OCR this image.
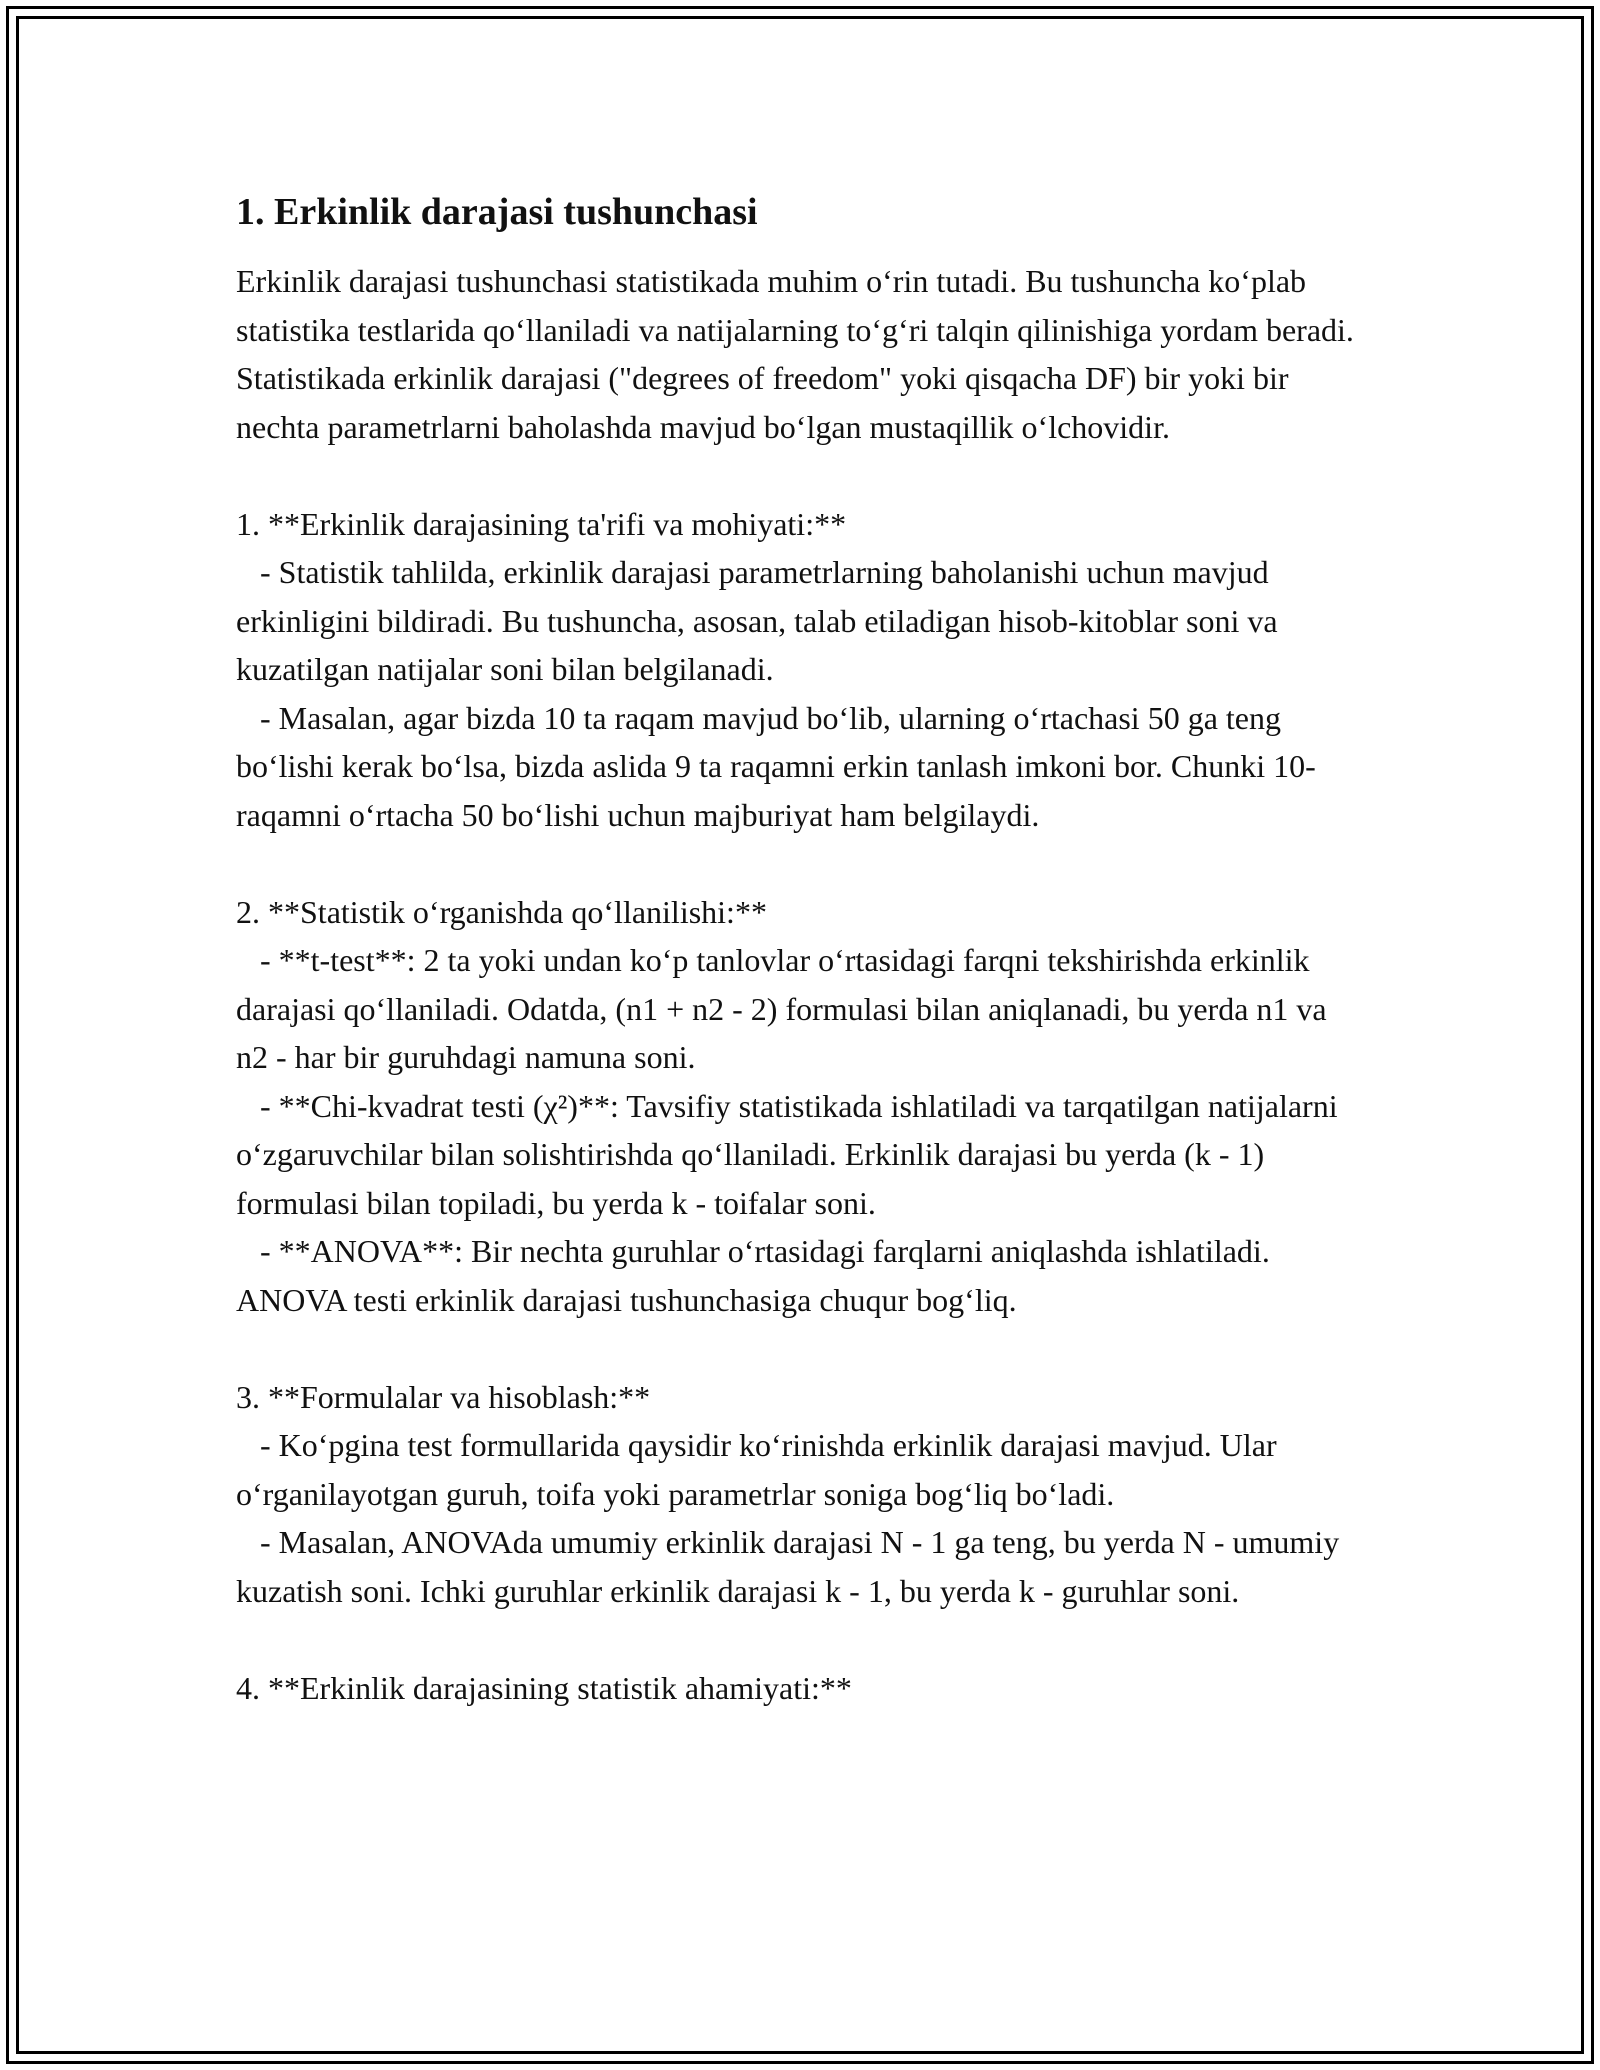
1. Erkinlik darajasi tushunchasi

Erkinlik darajasi tushunchasi statistikada muhim o‘rin tutadi. Bu tushuncha ko‘plab statistika testlarida qo‘llaniladi va natijalarning to‘g‘ri talqin qilinishiga yordam beradi. Statistikada erkinlik darajasi ("degrees of freedom" yoki qisqacha DF) bir yoki bir nechta parametrlarni baholashda mavjud bo‘lgan mustaqillik o‘lchovidir.

1. **Erkinlik darajasining ta'rifi va mohiyati:**

- Statistik tahlilda, erkinlik darajasi parametrlarning baholanishi uchun mavjud erkinligini bildiradi. Bu tushuncha, asosan, talab etiladigan hisob-kitoblar soni va kuzatilgan natijalar soni bilan belgilanadi.

- Masalan, agar bizda 10 ta raqam mavjud bo‘lib, ularning o‘rtachasi 50 ga teng bo‘lishi kerak bo‘lsa, bizda aslida 9 ta raqamni erkin tanlash imkoni bor. Chunki 10-raqamni o‘rtacha 50 bo‘lishi uchun majburiyat ham belgilaydi.

2. **Statistik o‘rganishda qo‘llanilishi:**

- **t-test**: 2 ta yoki undan ko‘p tanlovlar o‘rtasidagi farqni tekshirishda erkinlik darajasi qo‘llaniladi. Odatda, (n1 + n2 - 2) formulasi bilan aniqlanadi, bu yerda n1 va n2 - har bir guruhdagi namuna soni.

- **Chi-kvadrat testi (χ²)**: Tavsifiy statistikada ishlatiladi va tarqatilgan natijalarni o‘zgaruvchilar bilan solishtirishda qo‘llaniladi. Erkinlik darajasi bu yerda (k - 1) formulasi bilan topiladi, bu yerda k - toifalar soni.

- **ANOVA**: Bir nechta guruhlar o‘rtasidagi farqlarni aniqlashda ishlatiladi. ANOVA testi erkinlik darajasi tushunchasiga chuqur bog‘liq.

3. **Formulalar va hisoblash:**

- Ko‘pgina test formullarida qaysidir ko‘rinishda erkinlik darajasi mavjud. Ular o‘rganilayotgan guruh, toifa yoki parametrlar soniga bog‘liq bo‘ladi.

- Masalan, ANOVAda umumiy erkinlik darajasi N - 1 ga teng, bu yerda N - umumiy kuzatish soni. Ichki guruhlar erkinlik darajasi k - 1, bu yerda k - guruhlar soni.

4. **Erkinlik darajasining statistik ahamiyati:**
